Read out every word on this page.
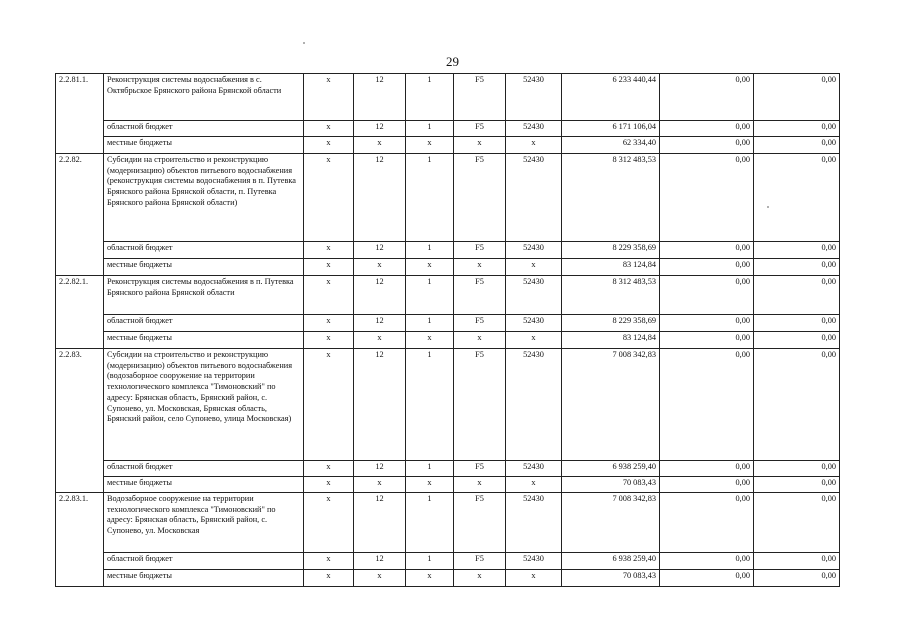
29
2.2.81.1.	Реконструкция системы водоснабжения в с. Октябрьское Брянского района Брянской области	х	12	1	F5	52430	6 233 440,44	0,00	0,00
	областной бюджет	х	12	1	F5	52430	6 171 106,04	0,00	0,00
	местные бюджеты	х	х	х	х	х	62 334,40	0,00	0,00
2.2.82.	Субсидии на строительство и реконструкцию (модернизацию) объектов питьевого водоснабжения (реконструкция системы водоснабжения в п. Путевка Брянского района Брянской области, п. Путевка Брянского района Брянской области)	х	12	1	F5	52430	8 312 483,53	0,00	0,00
	областной бюджет	х	12	1	F5	52430	8 229 358,69	0,00	0,00
	местные бюджеты	х	х	х	х	х	83 124,84	0,00	0,00
2.2.82.1.	Реконструкция системы водоснабжения в п. Путевка Брянского района Брянской области	х	12	1	F5	52430	8 312 483,53	0,00	0,00
	областной бюджет	х	12	1	F5	52430	8 229 358,69	0,00	0,00
	местные бюджеты	х	х	х	х	х	83 124,84	0,00	0,00
2.2.83.	Субсидии на строительство и реконструкцию (модернизацию) объектов питьевого водоснабжения (водозаборное сооружение на территории технологического комплекса "Тимоновский" по адресу: Брянская область, Брянский район, с. Супонево, ул. Московская, Брянская область, Брянский район, село Супонево, улица Московская)	х	12	1	F5	52430	7 008 342,83	0,00	0,00
	областной бюджет	х	12	1	F5	52430	6 938 259,40	0,00	0,00
	местные бюджеты	х	х	х	х	х	70 083,43	0,00	0,00
2.2.83.1.	Водозаборное сооружение на территории технологического комплекса "Тимоновский" по адресу: Брянская область, Брянский район, с. Супонево, ул. Московская	х	12	1	F5	52430	7 008 342,83	0,00	0,00
	областной бюджет	х	12	1	F5	52430	6 938 259,40	0,00	0,00
	местные бюджеты	х	х	х	х	х	70 083,43	0,00	0,00
